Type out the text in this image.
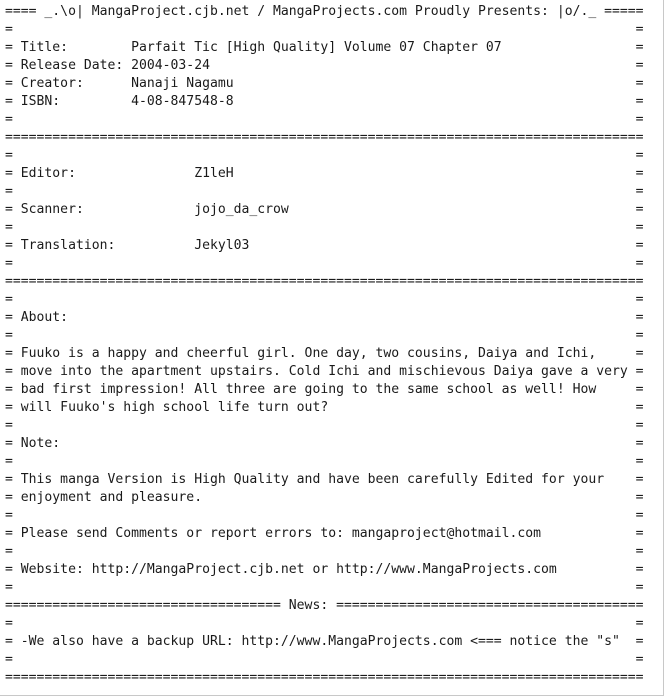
==== _.\o| MangaProject.cjb.net / MangaProjects.com Proudly Presents: |o/._ =====
=                                                                               =
= Title:        Parfait Tic [High Quality] Volume 07 Chapter 07                 =
= Release Date: 2004-03-24                                                      =
= Creator:      Nanaji Nagamu                                                   =
= ISBN:         4-08-847548-8                                                   =
=                                                                               =
=================================================================================
=                                                                               =
= Editor:               Z1leH                                                   =
=                                                                               =
= Scanner:              jojo_da_crow                                            =
=                                                                               =
= Translation:          Jekyl03                                                 =
=                                                                               =
=================================================================================
=                                                                               =
= About:                                                                        =
=                                                                               =
= Fuuko is a happy and cheerful girl. One day, two cousins, Daiya and Ichi,     =
= move into the apartment upstairs. Cold Ichi and mischievous Daiya gave a very =
= bad first impression! All three are going to the same school as well! How     =
= will Fuuko's high school life turn out?                                       =
=                                                                               =
= Note:                                                                         =
=                                                                               =
= This manga Version is High Quality and have been carefully Edited for your    =
= enjoyment and pleasure.                                                       =
=                                                                               =
= Please send Comments or report errors to: mangaproject@hotmail.com            =
=                                                                               =
= Website: http://MangaProject.cjb.net or http://www.MangaProjects.com          =
=                                                                               =
=================================== News: =======================================
=                                                                               =
= -We also have a backup URL: http://www.MangaProjects.com <=== notice the "s"  =
=                                                                               =
=================================================================================
